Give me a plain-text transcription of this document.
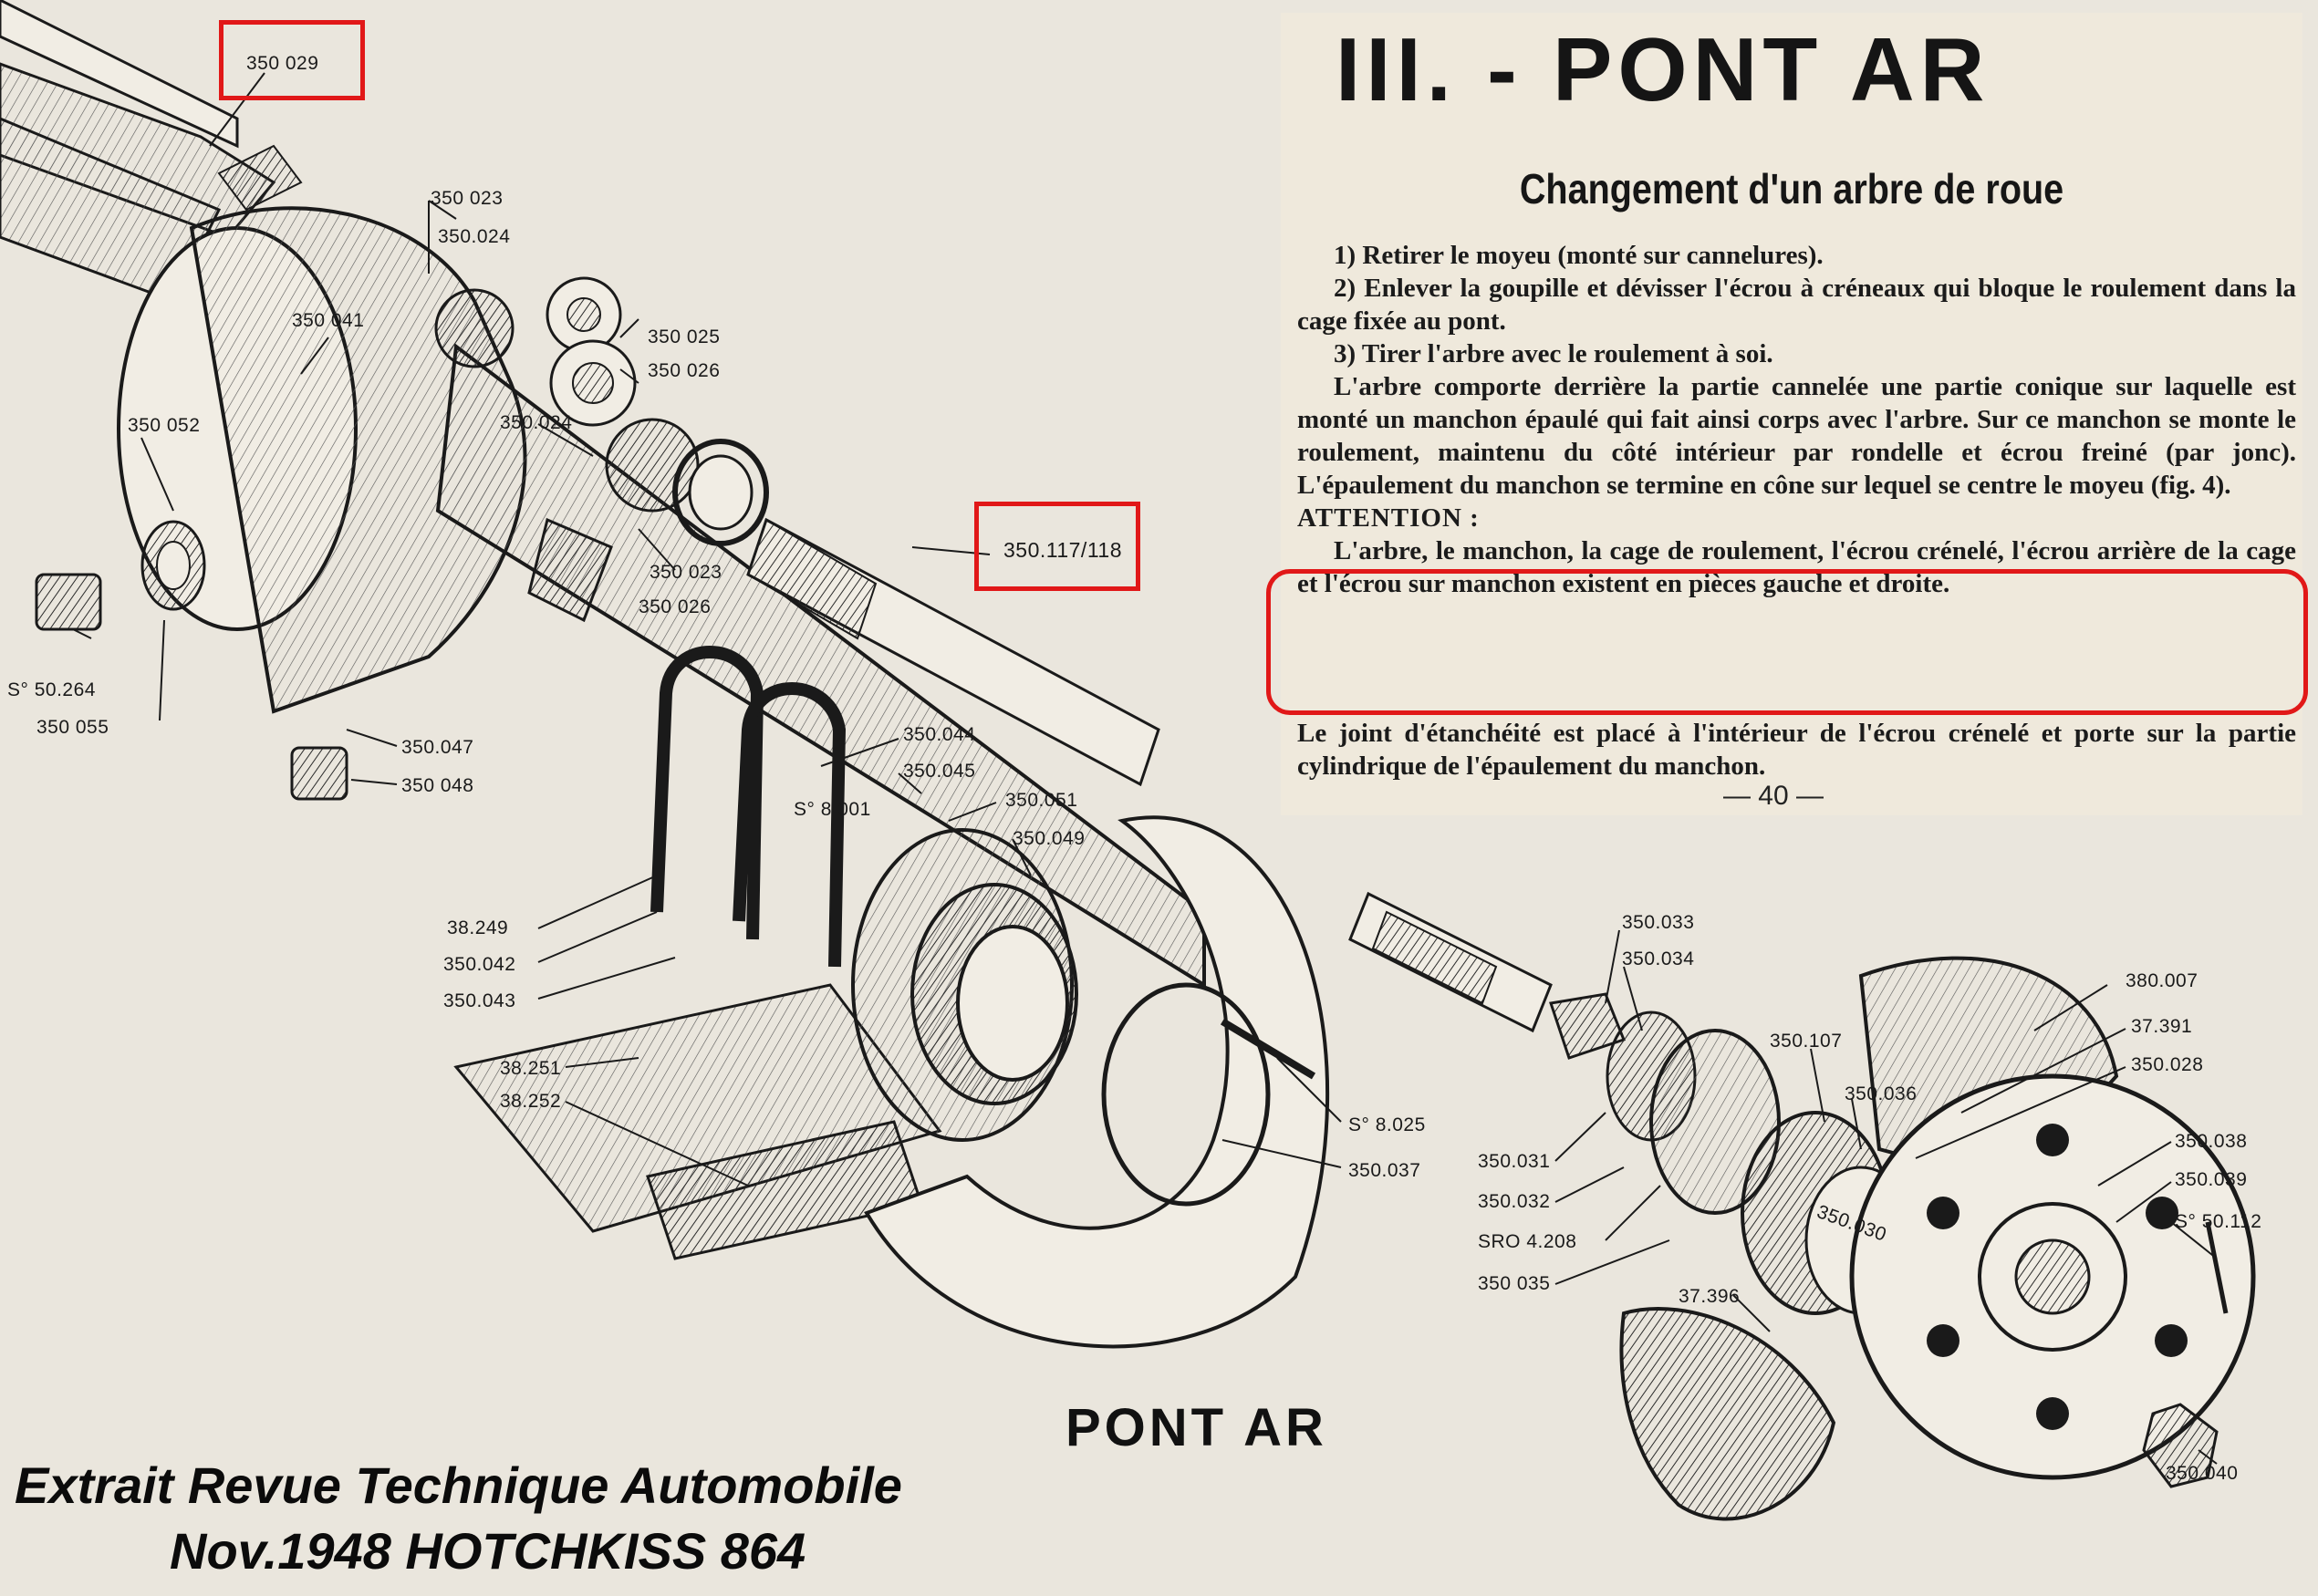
350 029
350 023
350.024
350 041
350 025
350 026
350 052	350.024
350 023
350 026
350.117/118
S° 50.264
350 055
350.047
350 048
350.044
350.045
350.051
S° 8.001
350.049
38.249
350.042
350.043
38.251
38.252
S° 8.025
350.037
350.033
350.034
350.107
350.036
350.031
350.032
SRO 4.208
350 035
37.396
350.030
380.007
37.391
350.028
350.038
350.039
S° 50.112
350.040
III. - PONT AR
Changement d'un arbre de roue

1) Retirer le moyeu (monté sur cannelures).

2) Enlever la goupille et dévisser l'écrou à créneaux qui bloque le roulement dans la cage fixée au pont.

3) Tirer l'arbre avec le roulement à soi.

L'arbre comporte derrière la partie cannelée une partie conique sur laquelle est monté un manchon épaulé qui fait ainsi corps avec l'arbre. Sur ce manchon se monte le roulement, maintenu du côté intérieur par rondelle et écrou freiné (par jonc). L'épaulement du manchon se termine en cône sur lequel se centre le moyeu (fig. 4).

ATTENTION :

L'arbre, le manchon, la cage de roulement, l'écrou crénelé, l'écrou arrière de la cage et l'écrou sur manchon existent en pièces gauche et droite.

Le joint d'étanchéité est placé à l'intérieur de l'écrou crénelé et porte sur la partie cylindrique de l'épaulement du manchon.

— 40 —
PONT AR
Extrait Revue Technique Automobile
Nov.1948 HOTCHKISS 864
